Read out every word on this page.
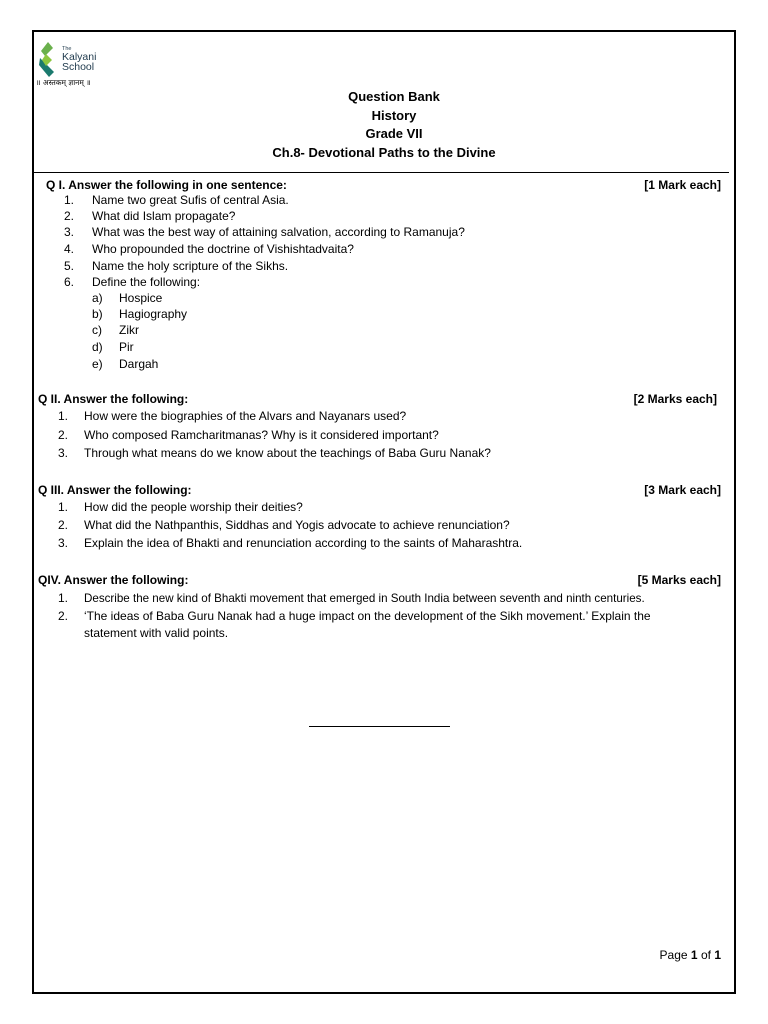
The
Kalyani
School
॥ अस्तकम् ज्ञानम् ॥
Question Bank
History
Grade VII
Ch.8- Devotional Paths to the Divine
Q I. Answer the following in one sentence:	[1 Mark each]
1. Name two great Sufis of central Asia.
2. What did Islam propagate?
3. What was the best way of attaining salvation, according to Ramanuja?
4. Who propounded the doctrine of Vishishtadvaita?
5. Name the holy scripture of the Sikhs.
6. Define the following:
a) Hospice
b) Hagiography
c) Zikr
d) Pir
e) Dargah
Q II. Answer the following:	[2 Marks each]
1. How were the biographies of the Alvars and Nayanars used?
2. Who composed Ramcharitmanas? Why is it considered important?
3. Through what means do we know about the teachings of Baba Guru Nanak?
Q III. Answer the following:	[3 Mark each]
1. How did the people worship their deities?
2. What did the Nathpanthis, Siddhas and Yogis advocate to achieve renunciation?
3. Explain the idea of Bhakti and renunciation according to the saints of Maharashtra.
QIV. Answer the following:	[5 Marks each]
1. Describe the new kind of Bhakti movement that emerged in South India between seventh and ninth centuries.
2. ‘The ideas of Baba Guru Nanak had a huge impact on the development of the Sikh movement.’ Explain the statement with valid points.
Page 1 of 1
